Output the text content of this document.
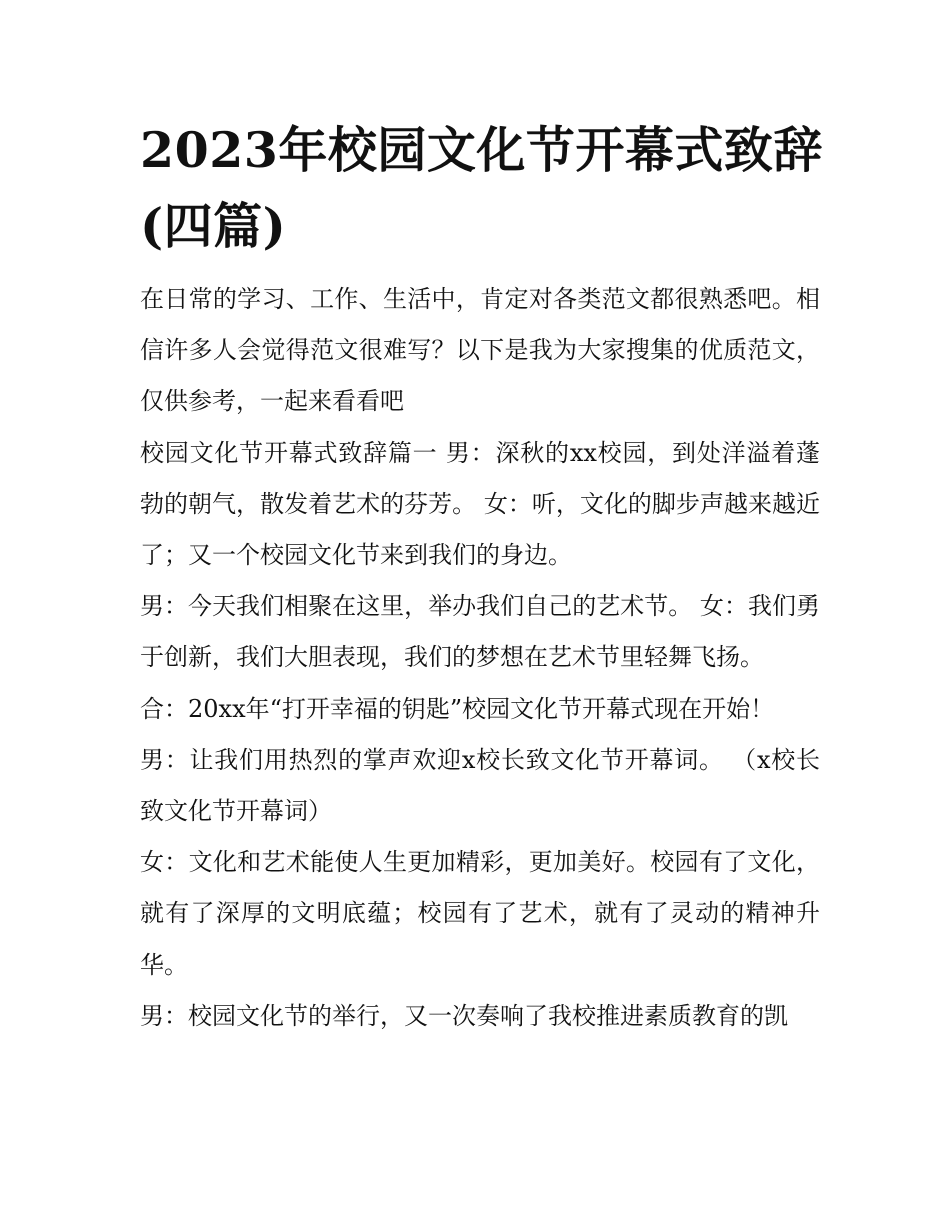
2023年校园文化节开幕式致辞(四篇)

在日常的学习、工作、生活中，肯定对各类范文都很熟悉吧。相信许多人会觉得范文很难写？以下是我为大家搜集的优质范文，仅供参考，一起来看看吧

校园文化节开幕式致辞篇一 男：深秋的xx校园，到处洋溢着蓬勃的朝气，散发着艺术的芬芳。 女：听，文化的脚步声越来越近了；又一个校园文化节来到我们的身边。

男：今天我们相聚在这里，举办我们自己的艺术节。 女：我们勇于创新，我们大胆表现，我们的梦想在艺术节里轻舞飞扬。

合：20xx年“打开幸福的钥匙”校园文化节开幕式现在开始！

男：让我们用热烈的掌声欢迎x校长致文化节开幕词。 （x校长致文化节开幕词）

女：文化和艺术能使人生更加精彩，更加美好。校园有了文化，就有了深厚的文明底蕴；校园有了艺术，就有了灵动的精神升华。

男：校园文化节的举行，又一次奏响了我校推进素质教育的凯
